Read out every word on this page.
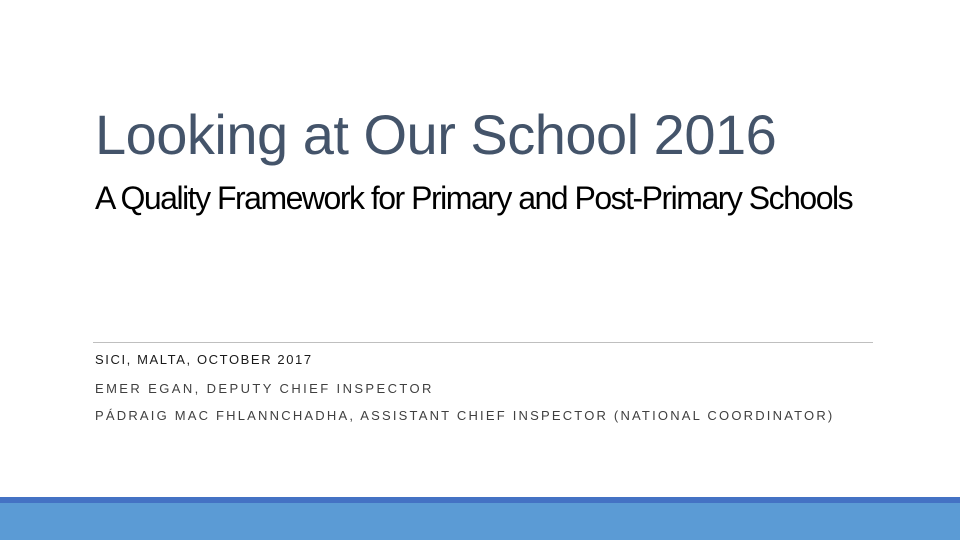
Looking at Our School 2016
A Quality Framework for Primary and Post-Primary Schools
SICI, MALTA, OCTOBER 2017
EMER EGAN, DEPUTY CHIEF INSPECTOR
PÁDRAIG MAC FHLANNCHADHA, ASSISTANT CHIEF INSPECTOR (NATIONAL COORDINATOR)
